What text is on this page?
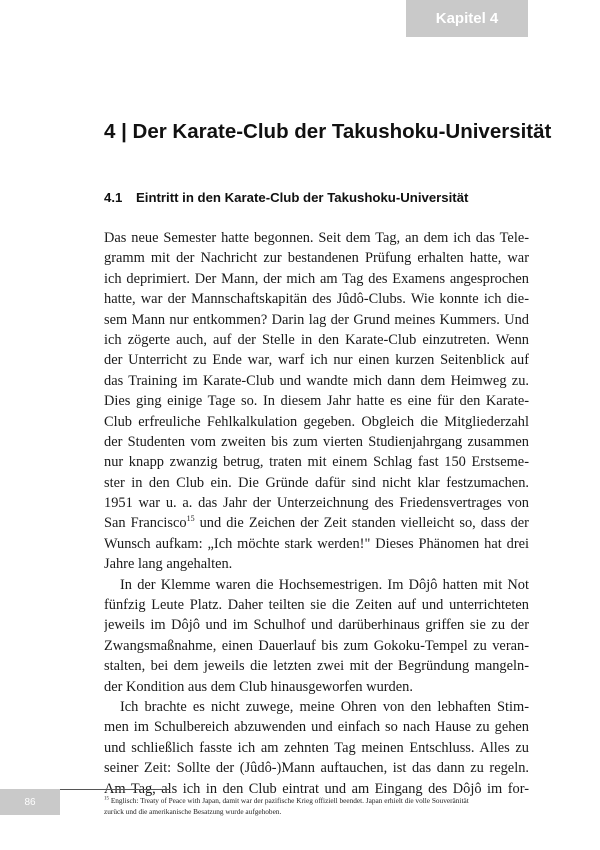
Kapitel 4
4 | Der Karate-Club der Takushoku-Universität
4.1 Eintritt in den Karate-Club der Takushoku-Universität
Das neue Semester hatte begonnen. Seit dem Tag, an dem ich das Tele-
gramm mit der Nachricht zur bestandenen Prüfung erhalten hatte, war
ich deprimiert. Der Mann, der mich am Tag des Examens angesprochen
hatte, war der Mannschaftskapitän des Jûdô-Clubs. Wie konnte ich die-
sem Mann nur entkommen? Darin lag der Grund meines Kummers. Und
ich zögerte auch, auf der Stelle in den Karate-Club einzutreten. Wenn
der Unterricht zu Ende war, warf ich nur einen kurzen Seitenblick auf
das Training im Karate-Club und wandte mich dann dem Heimweg zu.
Dies ging einige Tage so. In diesem Jahr hatte es eine für den Karate-
Club erfreuliche Fehlkalkulation gegeben. Obgleich die Mitgliederzahl
der Studenten vom zweiten bis zum vierten Studienjahrgang zusammen
nur knapp zwanzig betrug, traten mit einem Schlag fast 150 Erstseme-
ster in den Club ein. Die Gründe dafür sind nicht klar festzumachen.
1951 war u. a. das Jahr der Unterzeichnung des Friedensvertrages von
San Francisco$^{15}$ und die Zeichen der Zeit standen vielleicht so, dass der
Wunsch aufkam: „Ich möchte stark werden!" Dieses Phänomen hat drei
Jahre lang angehalten.
In der Klemme waren die Hochsemestrigen. Im Dôjô hatten mit Not
fünfzig Leute Platz. Daher teilten sie die Zeiten auf und unterrichteten
jeweils im Dôjô und im Schulhof und darüberhinaus griffen sie zu der
Zwangsmaßnahme, einen Dauerlauf bis zum Gokoku-Tempel zu veran-
stalten, bei dem jeweils die letzten zwei mit der Begründung mangeln-
der Kondition aus dem Club hinausgeworfen wurden.
Ich brachte es nicht zuwege, meine Ohren von den lebhaften Stim-
men im Schulbereich abzuwenden und einfach so nach Hause zu gehen
und schließlich fasste ich am zehnten Tag meinen Entschluss. Alles zu
seiner Zeit: Sollte der (Jûdô-)Mann auftauchen, ist das dann zu regeln.
Am Tag, als ich in den Club eintrat und am Eingang des Dôjô im for-
86	$^{15}$ Englisch: Treaty of Peace with Japan, damit war der pazifische Krieg offiziell beendet. Japan erhielt die volle Souveränität
zurück und die amerikanische Besatzung wurde aufgehoben.
